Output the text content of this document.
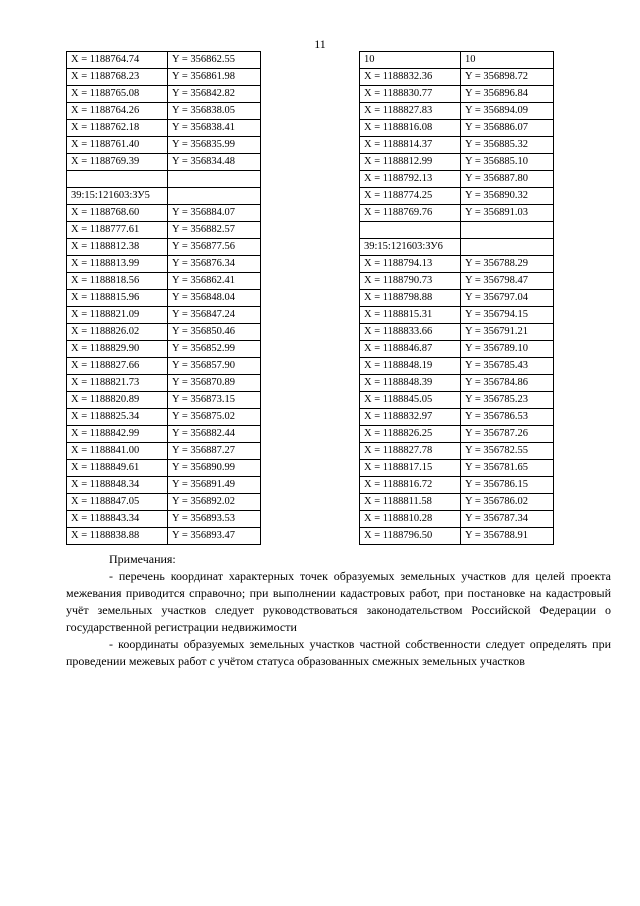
11
X = 1188764.74	Y = 356862.55
X = 1188768.23	Y = 356861.98
X = 1188765.08	Y = 356842.82
X = 1188764.26	Y = 356838.05
X = 1188762.18	Y = 356838.41
X = 1188761.40	Y = 356835.99
X = 1188769.39	Y = 356834.48

39:15:121603:ЗУ5	
X = 1188768.60	Y = 356884.07
X = 1188777.61	Y = 356882.57
X = 1188812.38	Y = 356877.56
X = 1188813.99	Y = 356876.34
X = 1188818.56	Y = 356862.41
X = 1188815.96	Y = 356848.04
X = 1188821.09	Y = 356847.24
X = 1188826.02	Y = 356850.46
X = 1188829.90	Y = 356852.99
X = 1188827.66	Y = 356857.90
X = 1188821.73	Y = 356870.89
X = 1188820.89	Y = 356873.15
X = 1188825.34	Y = 356875.02
X = 1188842.99	Y = 356882.44
X = 1188841.00	Y = 356887.27
X = 1188849.61	Y = 356890.99
X = 1188848.34	Y = 356891.49
X = 1188847.05	Y = 356892.02
X = 1188843.34	Y = 356893.53
X = 1188838.88	Y = 356893.47
10	10
X = 1188832.36	Y = 356898.72
X = 1188830.77	Y = 356896.84
X = 1188827.83	Y = 356894.09
X = 1188816.08	Y = 356886.07
X = 1188814.37	Y = 356885.32
X = 1188812.99	Y = 356885.10
X = 1188792.13	Y = 356887.80
X = 1188774.25	Y = 356890.32
X = 1188769.76	Y = 356891.03

39:15:121603:ЗУ6	
X = 1188794.13	Y = 356788.29
X = 1188790.73	Y = 356798.47
X = 1188798.88	Y = 356797.04
X = 1188815.31	Y = 356794.15
X = 1188833.66	Y = 356791.21
X = 1188846.87	Y = 356789.10
X = 1188848.19	Y = 356785.43
X = 1188848.39	Y = 356784.86
X = 1188845.05	Y = 356785.23
X = 1188832.97	Y = 356786.53
X = 1188826.25	Y = 356787.26
X = 1188827.78	Y = 356782.55
X = 1188817.15	Y = 356781.65
X = 1188816.72	Y = 356786.15
X = 1188811.58	Y = 356786.02
X = 1188810.28	Y = 356787.34
X = 1188796.50	Y = 356788.91

Примечания:

- перечень координат характерных точек образуемых земельных участков для целей проекта межевания приводится справочно; при выполнении кадастровых работ, при постановке на кадастровый учёт земельных участков следует руководствоваться законодательством Российской Федерации о государственной регистрации недвижимости

- координаты образуемых земельных участков частной собственности следует определять при проведении межевых работ с учётом статуса образованных смежных земельных участков
